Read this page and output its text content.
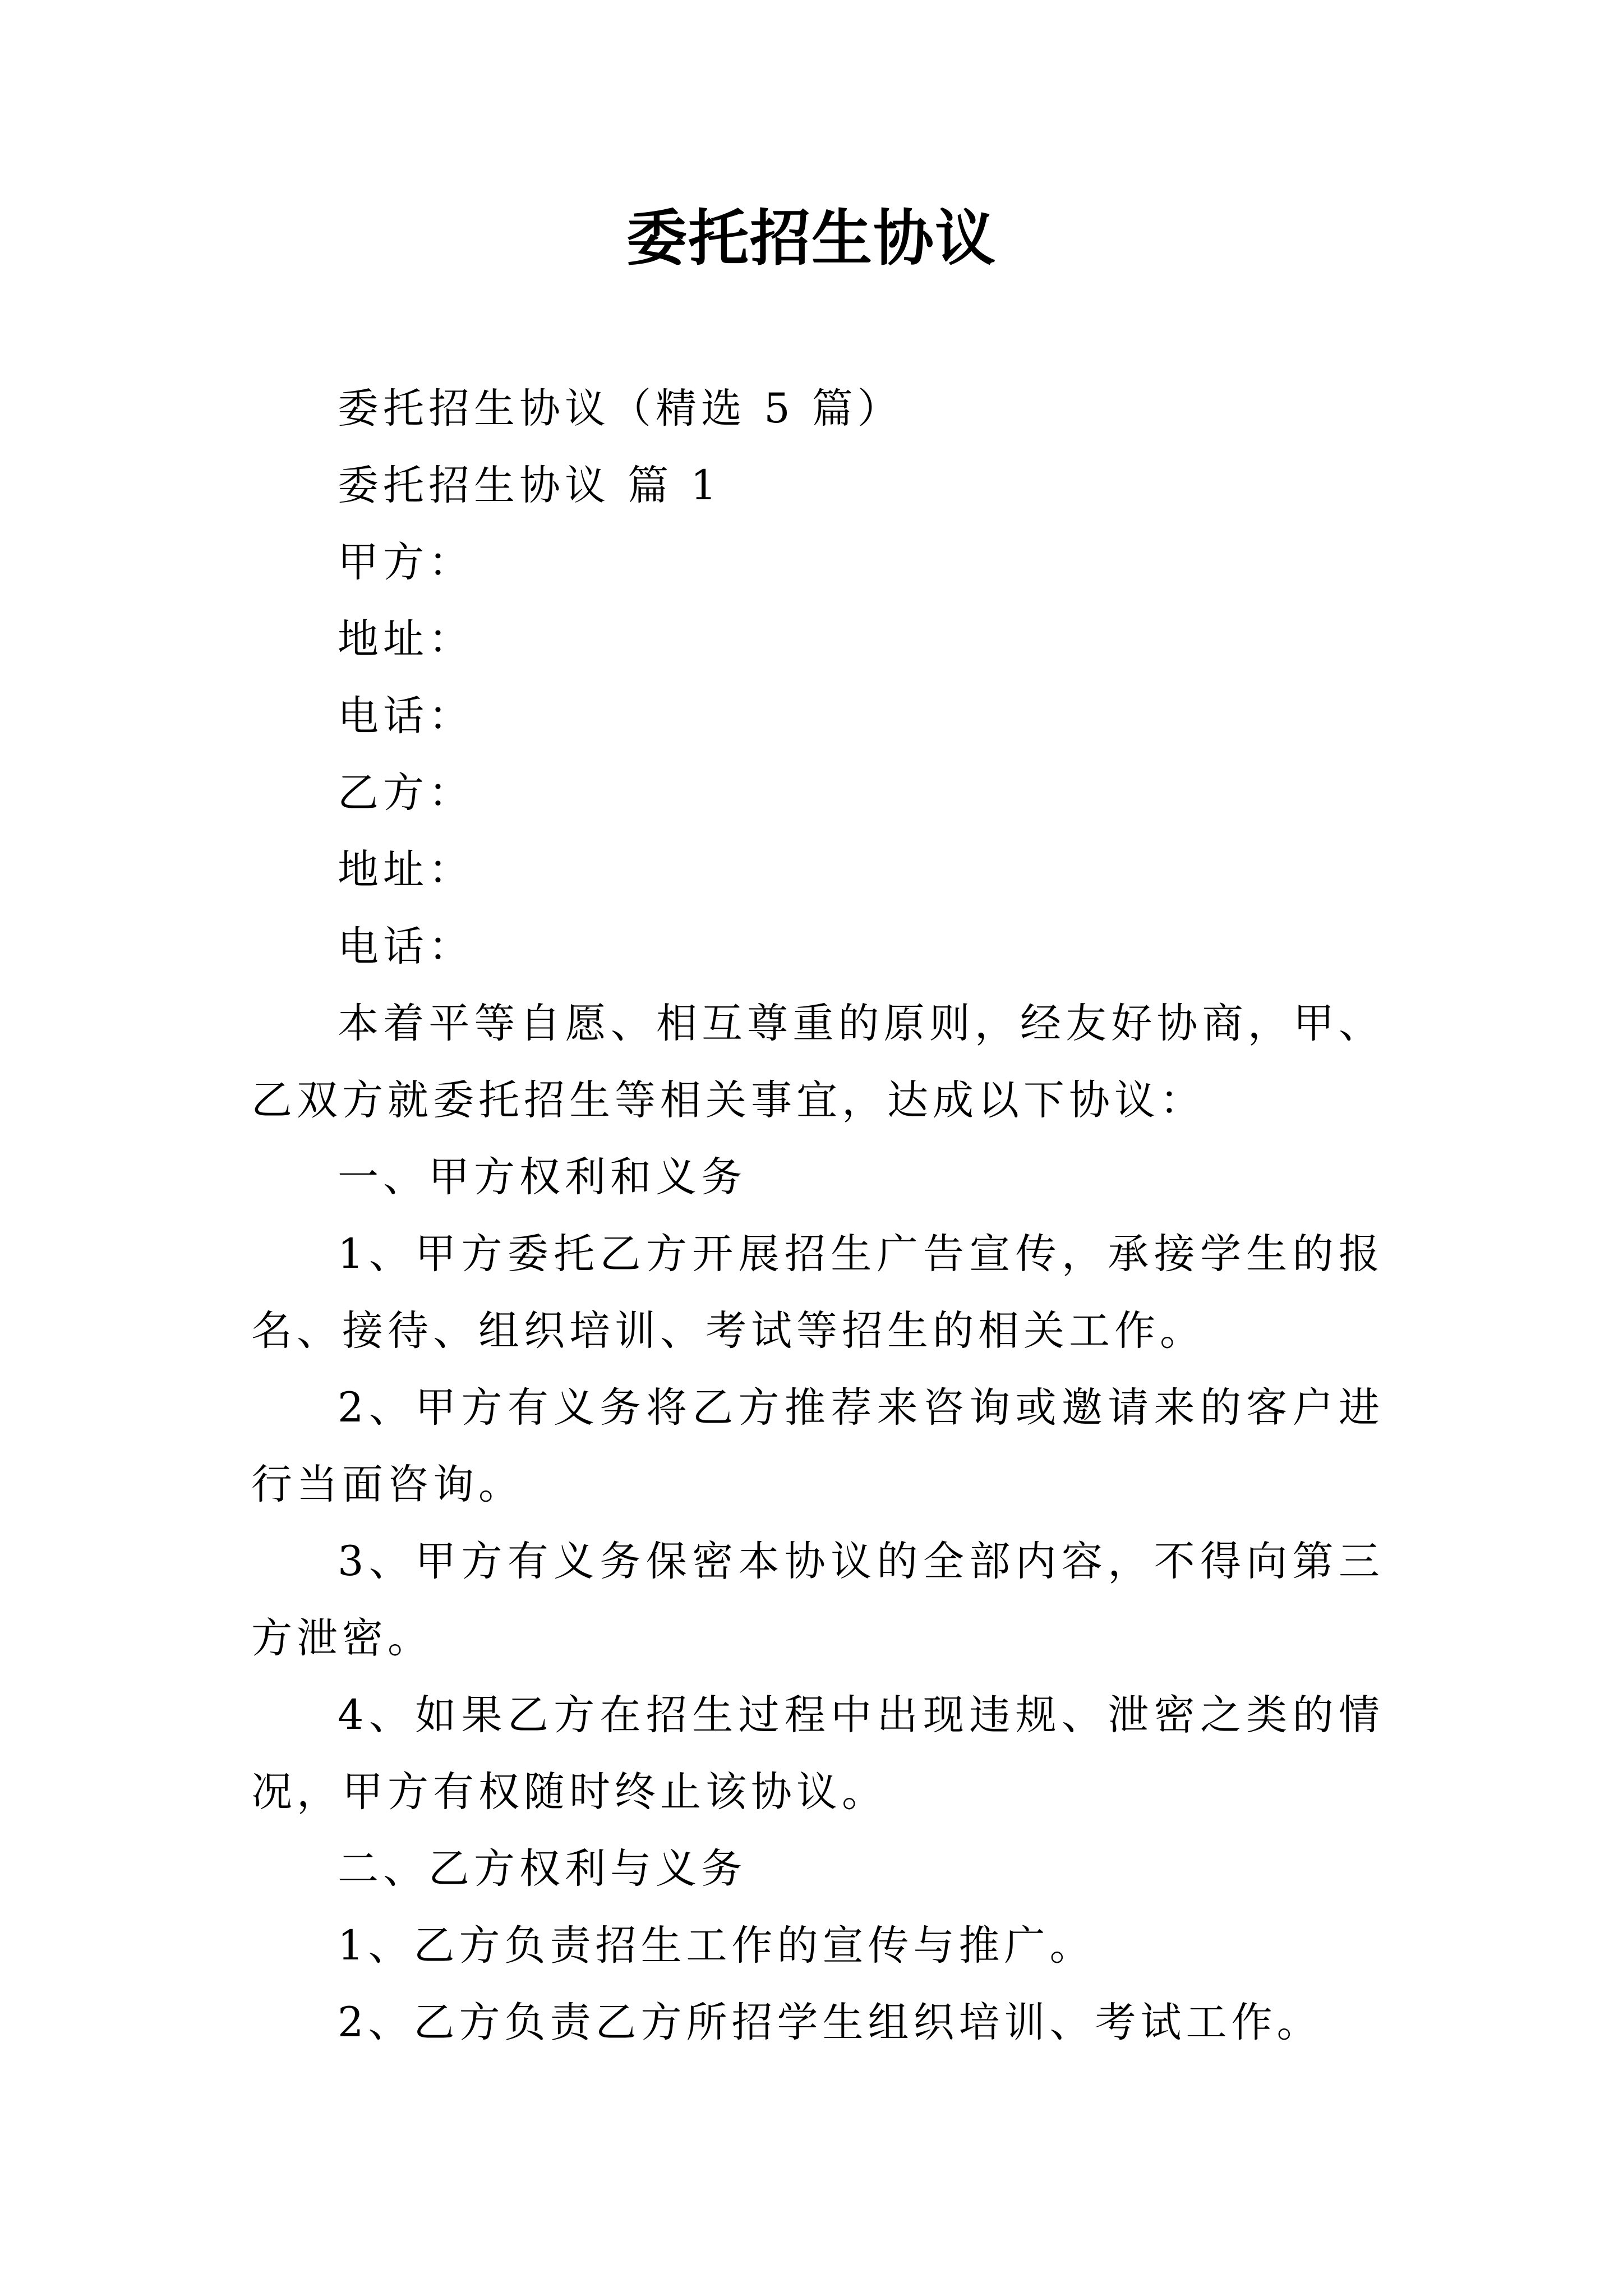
委托招生协议

委托招生协议（精选 5 篇）

委托招生协议 篇 1

甲方：

地址：

电话：

乙方：

地址：

电话：

本着平等自愿、相互尊重的原则，经友好协商，甲、乙双方就委托招生等相关事宜，达成以下协议：

一、甲方权利和义务

1、甲方委托乙方开展招生广告宣传，承接学生的报名、接待、组织培训、考试等招生的相关工作。

2、甲方有义务将乙方推荐来咨询或邀请来的客户进行当面咨询。

3、甲方有义务保密本协议的全部内容，不得向第三方泄密。

4、如果乙方在招生过程中出现违规、泄密之类的情况，甲方有权随时终止该协议。

二、乙方权利与义务

1、乙方负责招生工作的宣传与推广。

2、乙方负责乙方所招学生组织培训、考试工作。
